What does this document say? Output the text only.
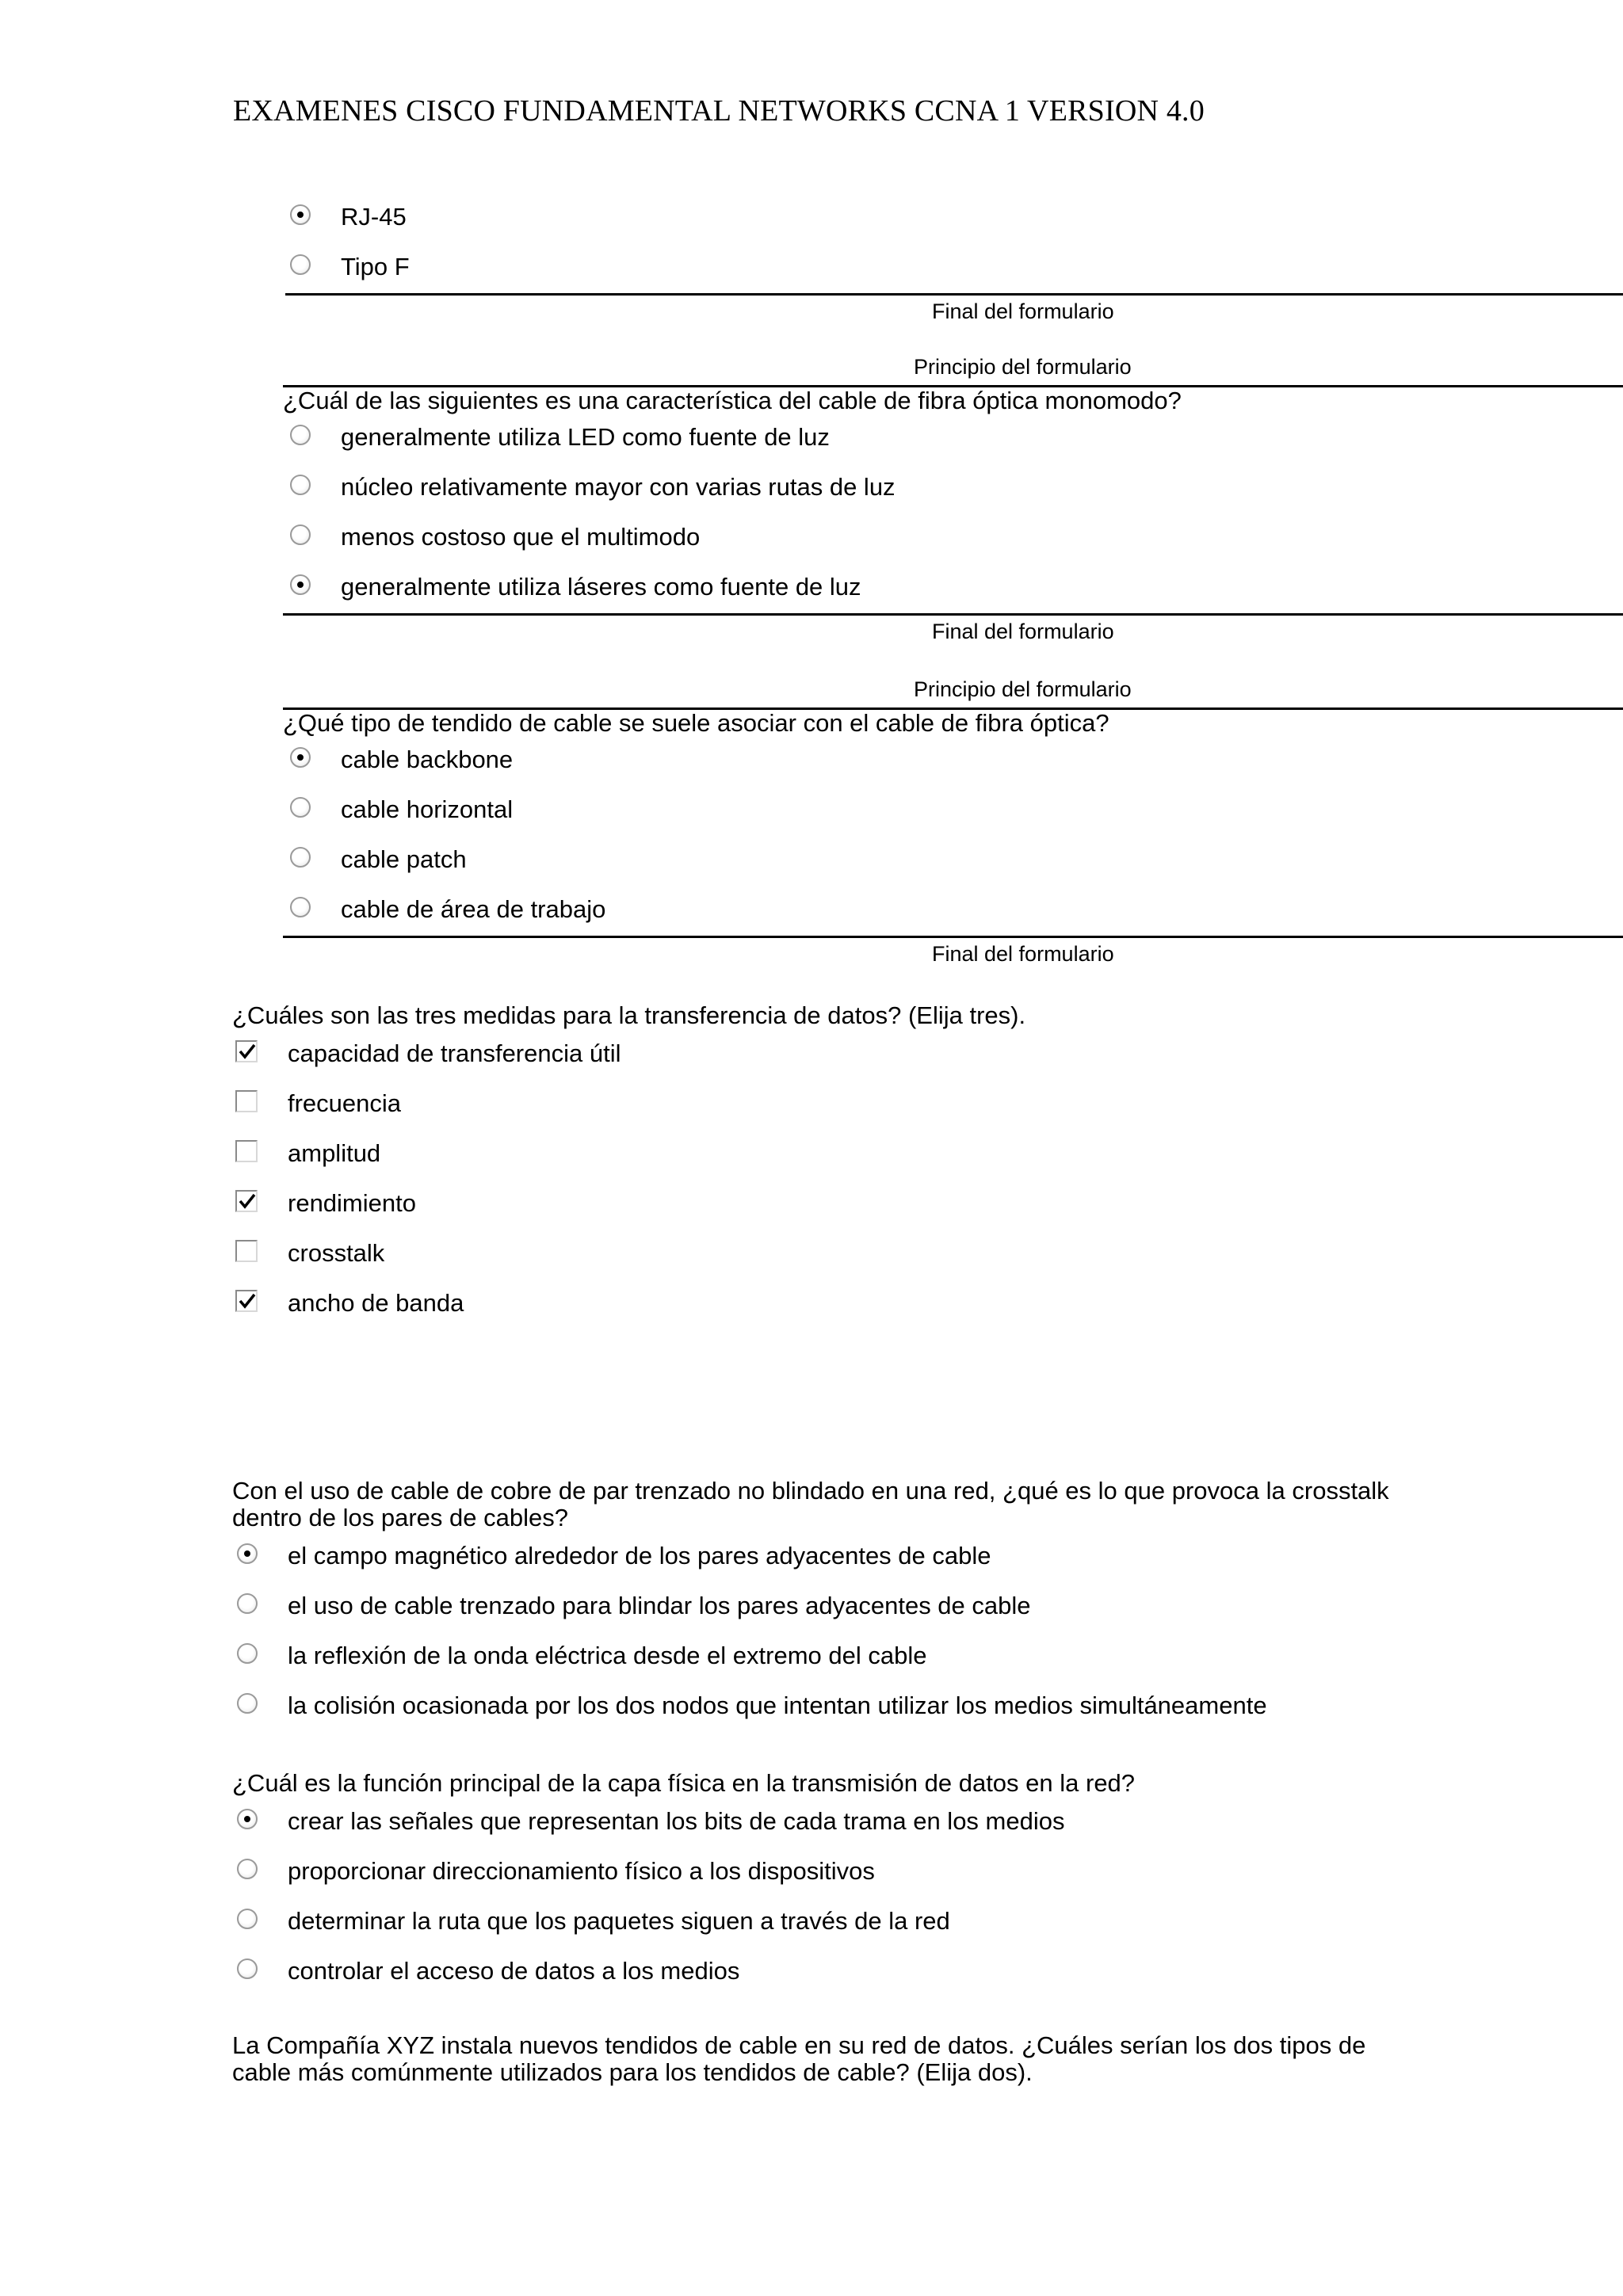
EXAMENES CISCO FUNDAMENTAL NETWORKS CCNA 1 VERSION 4.0
RJ-45
Tipo F
Final del formulario
Principio del formulario
¿Cuál de las siguientes es una característica del cable de fibra óptica monomodo?
generalmente utiliza LED como fuente de luz
núcleo relativamente mayor con varias rutas de luz
menos costoso que el multimodo
generalmente utiliza láseres como fuente de luz
Final del formulario
Principio del formulario
¿Qué tipo de tendido de cable se suele asociar con el cable de fibra óptica?
cable backbone
cable horizontal
cable patch
cable de área de trabajo
Final del formulario
¿Cuáles son las tres medidas para la transferencia de datos? (Elija tres).
capacidad de transferencia útil
frecuencia
amplitud
rendimiento
crosstalk
ancho de banda
Con el uso de cable de cobre de par trenzado no blindado en una red, ¿qué es lo que provoca la crosstalk
dentro de los pares de cables?
el campo magnético alrededor de los pares adyacentes de cable
el uso de cable trenzado para blindar los pares adyacentes de cable
la reflexión de la onda eléctrica desde el extremo del cable
la colisión ocasionada por los dos nodos que intentan utilizar los medios simultáneamente
¿Cuál es la función principal de la capa física en la transmisión de datos en la red?
crear las señales que representan los bits de cada trama en los medios
proporcionar direccionamiento físico a los dispositivos
determinar la ruta que los paquetes siguen a través de la red
controlar el acceso de datos a los medios
La Compañía XYZ instala nuevos tendidos de cable en su red de datos. ¿Cuáles serían los dos tipos de
cable más comúnmente utilizados para los tendidos de cable? (Elija dos).
